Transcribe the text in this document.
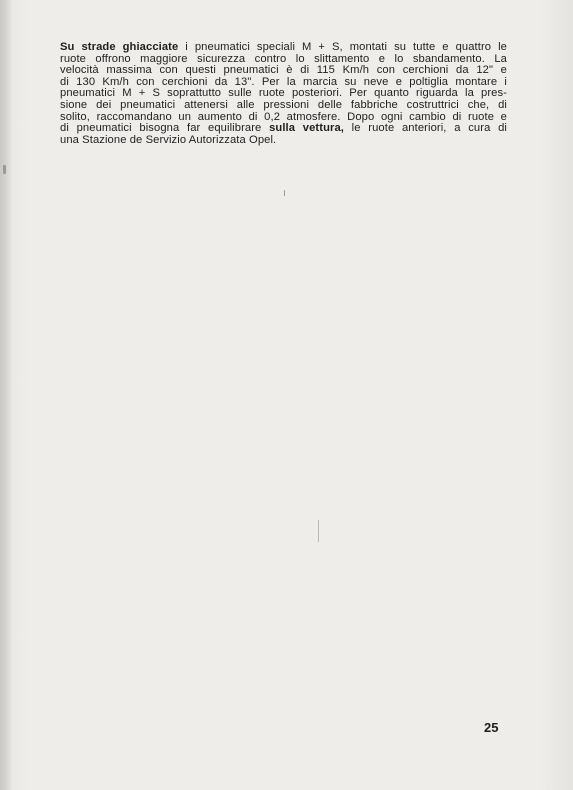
Su strade ghiacciate i pneumatici speciali M + S, montati su tutte e quattro le
ruote offrono maggiore sicurezza contro lo slittamento e lo sbandamento. La
velocità massima con questi pneumatici è di 115 Km/h con cerchioni da 12" e
di 130 Km/h con cerchioni da 13". Per la marcia su neve e poltiglia montare i
pneumatici M + S soprattutto sulle ruote posteriori. Per quanto riguarda la pres-
sione dei pneumatici attenersi alle pressioni delle fabbriche costruttrici che, di
solito, raccomandano un aumento di 0,2 atmosfere. Dopo ogni cambio di ruote e
di pneumatici bisogna far equilibrare sulla vettura, le ruote anteriori, a cura di
una Stazione de Servizio Autorizzata Opel.
25
